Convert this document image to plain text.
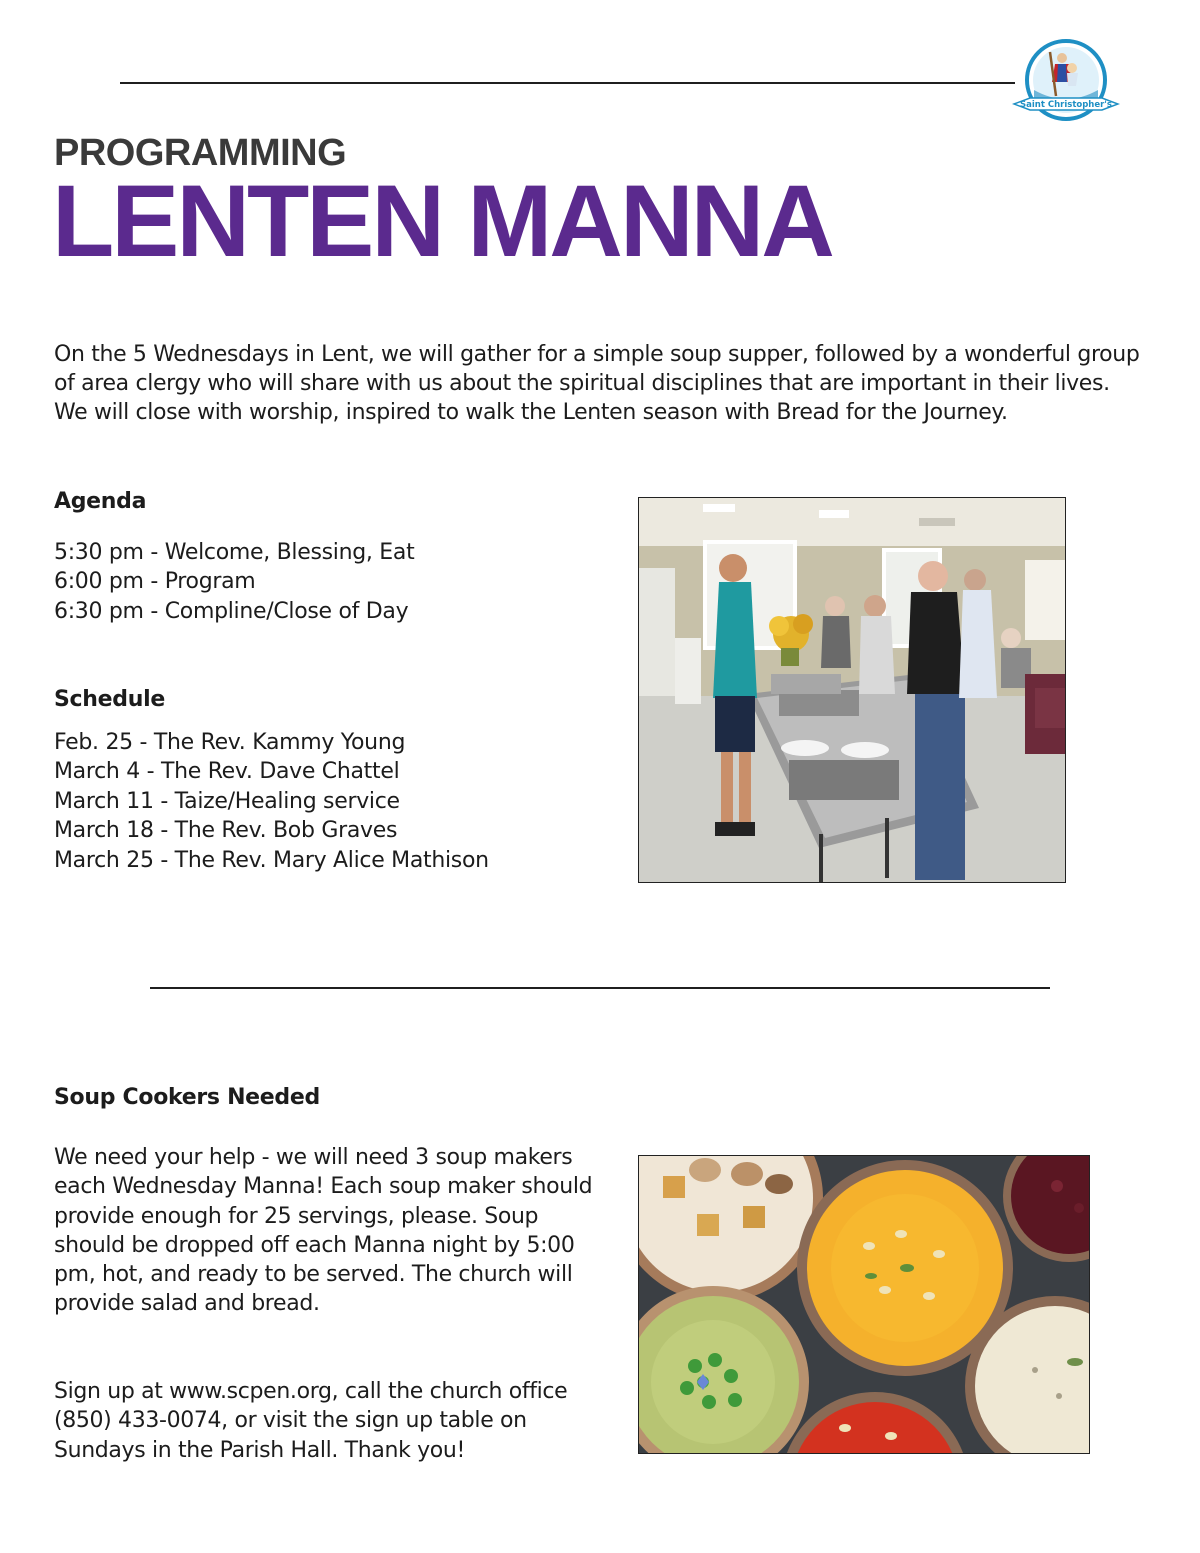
Saint Christopher's
PROGRAMMING
LENTEN MANNA

On the 5 Wednesdays in Lent, we will gather for a simple soup supper, followed by a wonderful group of area clergy who will share with us about the spiritual disciplines that are important in their lives. We will close with worship, inspired to walk the Lenten season with Bread for the Journey.

Agenda
5:30 pm - Welcome, Blessing, Eat
6:00 pm - Program
6:30 pm - Compline/Close of Day
Schedule
Feb. 25 - The Rev. Kammy Young
March 4 - The Rev. Dave Chattel
March 11 - Taize/Healing service
March 18 - The Rev. Bob Graves
March 25 - The Rev. Mary Alice Mathison
Soup Cookers Needed

We need your help - we will need 3 soup makers each Wednesday Manna! Each soup maker should provide enough for 25 servings, please. Soup should be dropped off each Manna night by 5:00 pm, hot, and ready to be served. The church will provide salad and bread.

Sign up at www.scpen.org, call the church office (850) 433-0074, or visit the sign up table on Sundays in the Parish Hall. Thank you!
